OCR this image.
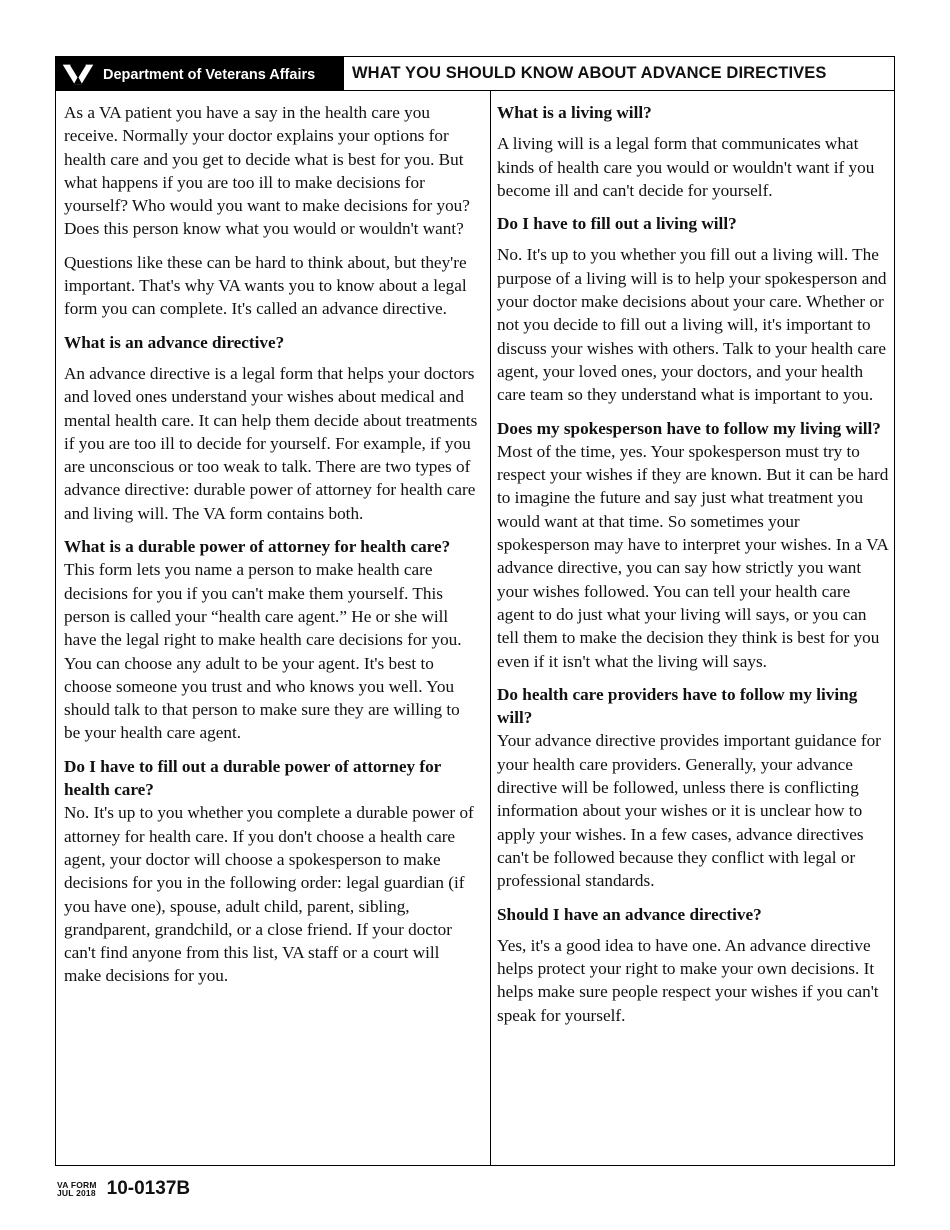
Department of Veterans Affairs WHAT YOU SHOULD KNOW ABOUT ADVANCE DIRECTIVES

As a VA patient you have a say in the health care you receive. Normally your doctor explains your options for health care and you get to decide what is best for you. But what happens if you are too ill to make decisions for yourself? Who would you want to make decisions for you? Does this person know what you would or wouldn't want?

Questions like these can be hard to think about, but they're important. That's why VA wants you to know about a legal form you can complete. It's called an advance directive.

What is an advance directive?

An advance directive is a legal form that helps your doctors and loved ones understand your wishes about medical and mental health care. It can help them decide about treatments if you are too ill to decide for yourself. For example, if you are unconscious or too weak to talk. There are two types of advance directive: durable power of attorney for health care and living will. The VA form contains both.

What is a durable power of attorney for health care?

This form lets you name a person to make health care decisions for you if you can't make them yourself. This person is called your “health care agent.” He or she will have the legal right to make health care decisions for you. You can choose any adult to be your agent. It's best to choose someone you trust and who knows you well. You should talk to that person to make sure they are willing to be your health care agent.

Do I have to fill out a durable power of attorney for health care?

No. It's up to you whether you complete a durable power of attorney for health care. If you don't choose a health care agent, your doctor will choose a spokesperson to make decisions for you in the following order: legal guardian (if you have one), spouse, adult child, parent, sibling, grandparent, grandchild, or a close friend. If your doctor can't find anyone from this list, VA staff or a court will make decisions for you.

What is a living will?

A living will is a legal form that communicates what kinds of health care you would or wouldn't want if you become ill and can't decide for yourself.

Do I have to fill out a living will?

No. It's up to you whether you fill out a living will. The purpose of a living will is to help your spokesperson and your doctor make decisions about your care. Whether or not you decide to fill out a living will, it's important to discuss your wishes with others. Talk to your health care agent, your loved ones, your doctors, and your health care team so they understand what is important to you.

Does my spokesperson have to follow my living will?

Most of the time, yes. Your spokesperson must try to respect your wishes if they are known. But it can be hard to imagine the future and say just what treatment you would want at that time. So sometimes your spokesperson may have to interpret your wishes. In a VA advance directive, you can say how strictly you want your wishes followed. You can tell your health care agent to do just what your living will says, or you can tell them to make the decision they think is best for you even if it isn't what the living will says.

Do health care providers have to follow my living will?

Your advance directive provides important guidance for your health care providers. Generally, your advance directive will be followed, unless there is conflicting information about your wishes or it is unclear how to apply your wishes. In a few cases, advance directives can't be followed because they conflict with legal or professional standards.

Should I have an advance directive?

Yes, it's a good idea to have one. An advance directive helps protect your right to make your own decisions. It helps make sure people respect your wishes if you can't speak for yourself.

VA FORM
JUL 2018 10-0137B
